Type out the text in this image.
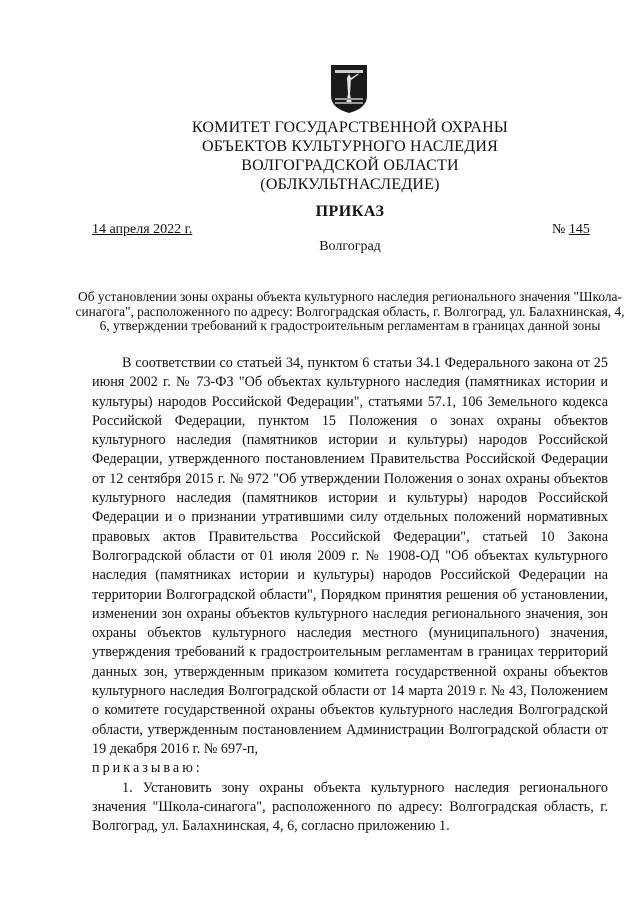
КОМИТЕТ ГОСУДАРСТВЕННОЙ ОХРАНЫ
ОБЪЕКТОВ КУЛЬТУРНОГО НАСЛЕДИЯ
ВОЛГОГРАДСКОЙ ОБЛАСТИ
(ОБЛКУЛЬТНАСЛЕДИЕ)
ПРИКАЗ
14 апреля 2022 г.	№ 145
Волгоград
Об установлении зоны охраны объекта культурного наследия регионального значения "Школа-синагога", расположенного по адресу: Волгоградская область, г. Волгоград, ул. Балахнинская, 4, 6, утверждении требований к градостроительным регламентам в границах данной зоны

В соответствии со статьей 34, пунктом 6 статьи 34.1 Федерального закона от 25 июня 2002 г. № 73-ФЗ "Об объектах культурного наследия (памятниках истории и культуры) народов Российской Федерации", статьями 57.1, 106 Земельного кодекса Российской Федерации, пунктом 15 Положения о зонах охраны объектов культурного наследия (памятников истории и культуры) народов Российской Федерации, утвержденного постановлением Правительства Российской Федерации от 12 сентября 2015 г. № 972 "Об утверждении Положения о зонах охраны объектов культурного наследия (памятников истории и культуры) народов Российской Федерации и о признании утратившими силу отдельных положений нормативных правовых актов Правительства Российской Федерации", статьей 10 Закона Волгоградской области от 01 июля 2009 г. № 1908-ОД "Об объектах культурного наследия (памятниках истории и культуры) народов Российской Федерации на территории Волгоградской области", Порядком принятия решения об установлении, изменении зон охраны объектов культурного наследия регионального значения, зон охраны объектов культурного наследия местного (муниципального) значения, утверждения требований к градостроительным регламентам в границах территорий данных зон, утвержденным приказом комитета государственной охраны объектов культурного наследия Волгоградской области от 14 марта 2019 г. № 43, Положением о комитете государственной охраны объектов культурного наследия Волгоградской области, утвержденным постановлением Администрации Волгоградской области от 19 декабря 2016 г. № 697-п,

приказываю:

1. Установить зону охраны объекта культурного наследия регионального значения "Школа-синагога", расположенного по адресу: Волгоградская область, г. Волгоград, ул. Балахнинская, 4, 6, согласно приложению 1.
